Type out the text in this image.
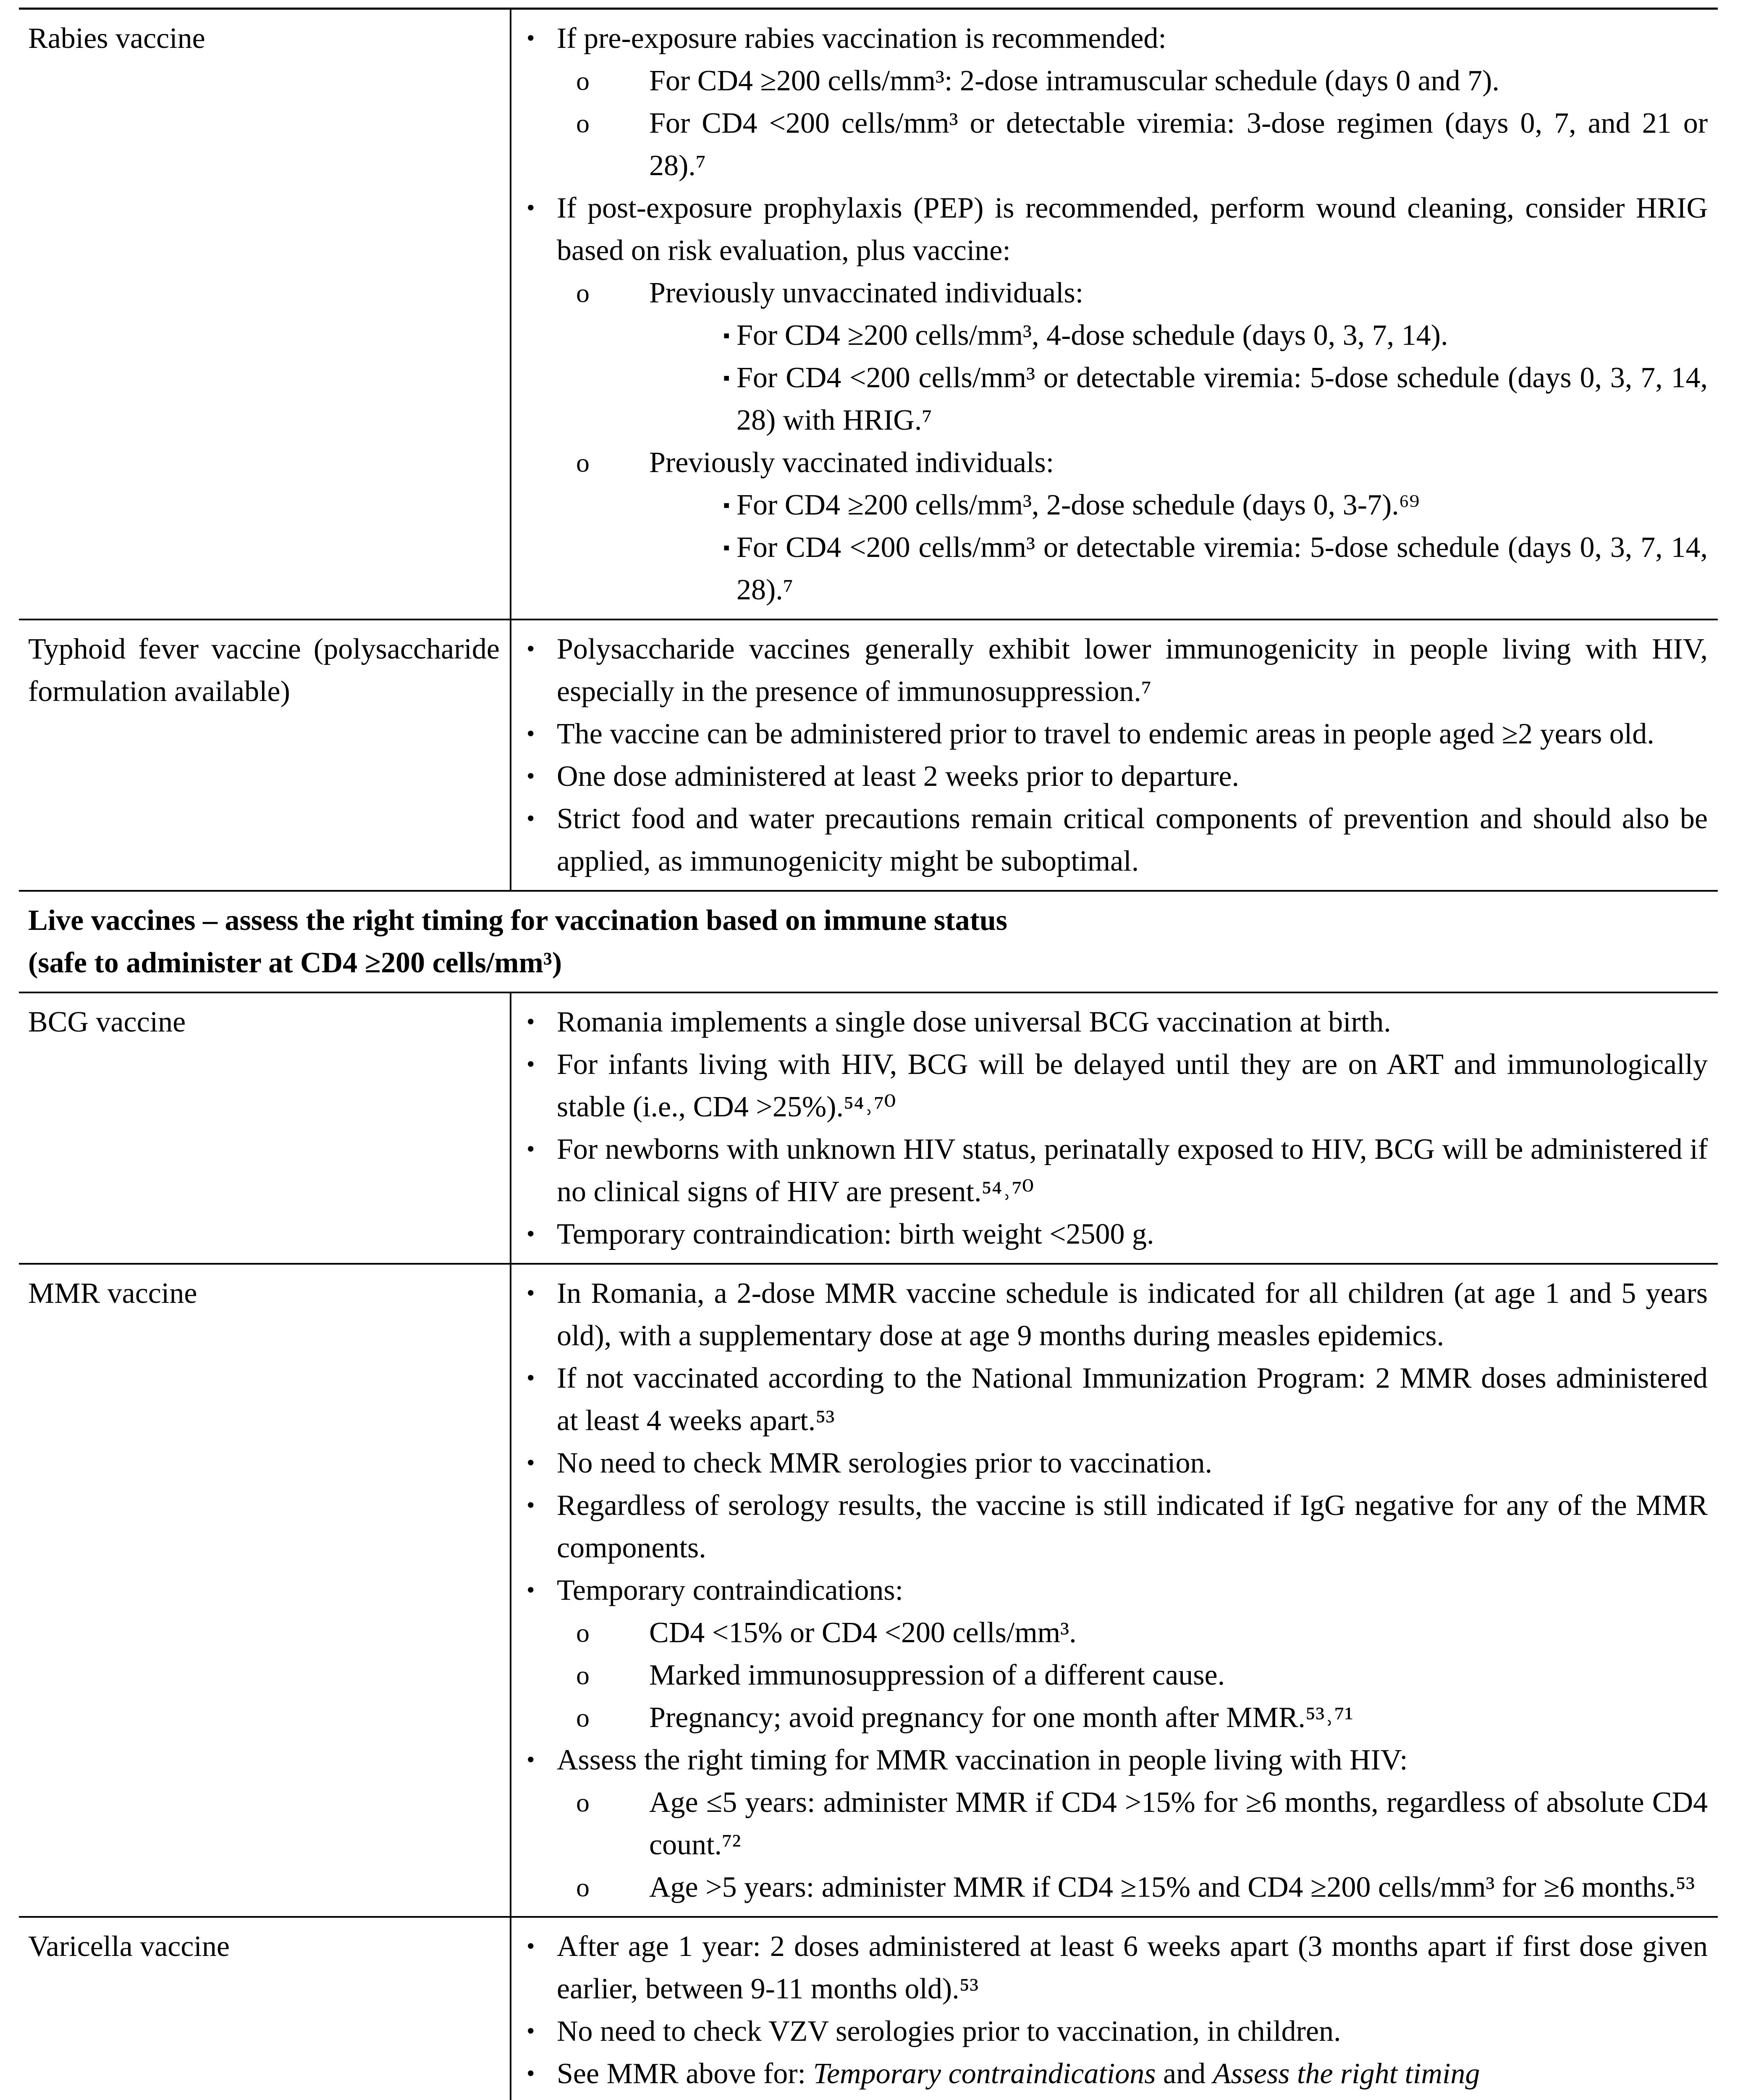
Rabies vaccine	• If pre-exposure rabies vaccination is recommended:
o For CD4 ≥200 cells/mm³: 2-dose intramuscular schedule (days 0 and 7).
o For CD4 <200 cells/mm³ or detectable viremia: 3-dose regimen (days 0, 7, and 21 or 28).⁷
• If post-exposure prophylaxis (PEP) is recommended, perform wound cleaning, consider HRIG based on risk evaluation, plus vaccine:
o Previously unvaccinated individuals:
▪ For CD4 ≥200 cells/mm³, 4-dose schedule (days 0, 3, 7, 14).
▪ For CD4 <200 cells/mm³ or detectable viremia: 5-dose schedule (days 0, 3, 7, 14, 28) with HRIG.⁷
o Previously vaccinated individuals:
▪ For CD4 ≥200 cells/mm³, 2-dose schedule (days 0, 3-7).⁶⁹
▪ For CD4 <200 cells/mm³ or detectable viremia: 5-dose schedule (days 0, 3, 7, 14, 28).⁷
Typhoid fever vaccine (polysaccharide formulation available)
• Polysaccharide vaccines generally exhibit lower immunogenicity in people living with HIV, especially in the presence of immunosuppression.⁷
• The vaccine can be administered prior to travel to endemic areas in people aged ≥2 years old.
• One dose administered at least 2 weeks prior to departure.
• Strict food and water precautions remain critical components of prevention and should also be applied, as immunogenicity might be suboptimal.
Live vaccines – assess the right timing for vaccination based on immune status
(safe to administer at CD4 ≥200 cells/mm³)
BCG vaccine	• Romania implements a single dose universal BCG vaccination at birth.
• For infants living with HIV, BCG will be delayed until they are on ART and immunologically stable (i.e., CD4 >25%).⁵⁴˒⁷⁰
• For newborns with unknown HIV status, perinatally exposed to HIV, BCG will be administered if no clinical signs of HIV are present.⁵⁴˒⁷⁰
• Temporary contraindication: birth weight <2500 g.
MMR vaccine	• In Romania, a 2-dose MMR vaccine schedule is indicated for all children (at age 1 and 5 years old), with a supplementary dose at age 9 months during measles epidemics.
• If not vaccinated according to the National Immunization Program: 2 MMR doses administered at least 4 weeks apart.⁵³
• No need to check MMR serologies prior to vaccination.
• Regardless of serology results, the vaccine is still indicated if IgG negative for any of the MMR components.
• Temporary contraindications:
o CD4 <15% or CD4 <200 cells/mm³.
o Marked immunosuppression of a different cause.
o Pregnancy; avoid pregnancy for one month after MMR.⁵³˒⁷¹
• Assess the right timing for MMR vaccination in people living with HIV:
o Age ≤5 years: administer MMR if CD4 >15% for ≥6 months, regardless of absolute CD4 count.⁷²
o Age >5 years: administer MMR if CD4 ≥15% and CD4 ≥200 cells/mm³ for ≥6 months.⁵³
Varicella vaccine	• After age 1 year: 2 doses administered at least 6 weeks apart (3 months apart if first dose given earlier, between 9-11 months old).⁵³
• No need to check VZV serologies prior to vaccination, in children.
• See MMR above for: Temporary contraindications and Assess the right timing
